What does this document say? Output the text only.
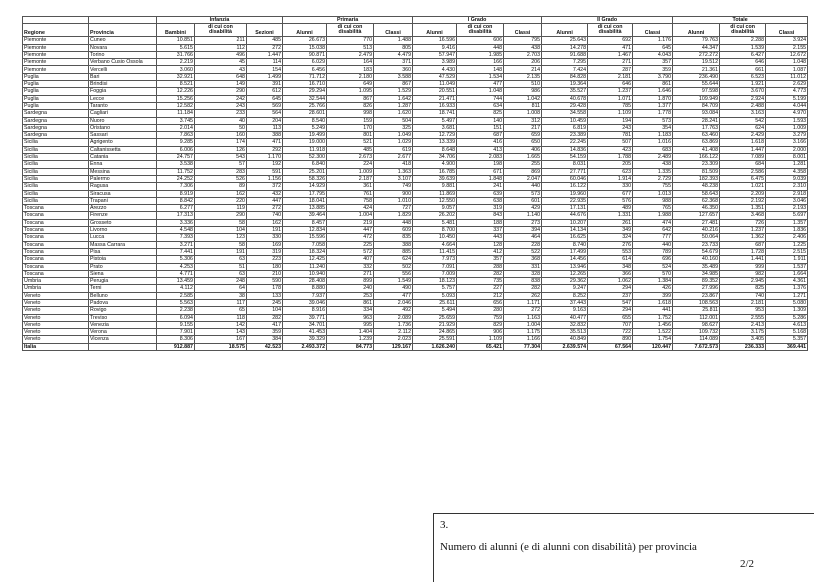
		Infanzia			Primaria			I Grado			II Grado			Totale		
Regione	Provincia	Bambini	di cui con disabilità	Sezioni	Alunni	di cui con disabilità	Classi	Alunni	di cui con disabilità	Classi	Alunni	di cui con disabilità	Classi	Alunni	di cui con disabilità	Classi
Piemonte	Cuneo	10.851	211	485	26.673	770	1.488	16.596	606	795	25.643	692	1.176	79.763	2.288	3.924
Piemonte	Novara	5.615	112	272	15.038	513	805	9.416	448	438	14.278	471	645	44.347	1.539	2.155
Piemonte	Torino	31.766	496	1.447	90.871	2.479	4.479	57.947	1.985	2.703	91.688	1.467	4.043	272.272	6.427	12.672
Piemonte	Verbano Cusio Ossola	2.219	45	114	6.029	164	371	3.989	166	206	7.295	271	357	19.512	646	1.048
Piemonte	Vercelli	3.060	43	154	6.456	183	360	4.430	148	214	7.424	287	359	21.361	661	1.087
Puglia	Bari	32.921	648	1.499	71.712	2.180	3.588	47.529	1.534	2.135	84.828	2.181	3.790	236.490	6.523	11.012
Puglia	Brindisi	8.521	149	391	16.710	649	867	11.049	477	510	19.364	646	861	55.644	1.921	2.629
Puglia	Foggia	12.226	290	612	29.294	1.095	1.529	20.551	1.048	986	35.527	1.237	1.646	97.598	3.670	4.773
Puglia	Lecce	15.256	242	645	32.544	867	1.642	21.471	744	1.042	40.678	1.071	1.870	109.949	2.924	5.199
Puglia	Taranto	12.582	243	569	25.766	826	1.287	16.933	634	811	29.428	785	1.377	84.709	2.488	4.044
Sardegna	Cagliari	11.184	233	564	28.601	998	1.620	18.741	825	1.008	34.558	1.109	1.778	93.084	3.163	4.970
Sardegna	Nuoro	3.745	40	204	8.540	159	504	5.497	140	312	10.459	194	573	28.241	542	1.593
Sardegna	Oristano	2.014	50	113	5.249	170	325	3.681	151	217	6.819	243	354	17.763	624	1.009
Sardegna	Sassari	7.863	160	388	19.499	801	1.049	12.729	687	659	23.389	781	1.183	63.460	2.429	3.279
Sicilia	Agrigento	9.285	174	471	19.000	521	1.029	13.339	416	650	22.245	507	1.016	63.869	1.618	3.166
Sicilia	Caltanissetta	6.006	126	292	11.918	485	619	8.648	413	406	14.836	423	683	41.408	1.447	2.000
Sicilia	Catania	24.757	543	1.170	52.300	2.673	2.677	34.706	2.083	1.665	54.159	1.788	2.489	166.122	7.089	8.001
Sicilia	Enna	3.538	57	192	6.840	224	418	4.900	198	255	8.031	205	438	23.309	684	1.281
Sicilia	Messina	11.752	283	591	25.201	1.009	1.363	16.785	671	869	27.771	623	1.335	81.509	2.586	4.358
Sicilia	Palermo	24.252	526	1.156	58.326	2.187	3.107	39.639	1.848	2.047	60.046	1.914	2.729	182.393	6.475	9.039
Sicilia	Ragusa	7.306	89	372	14.929	361	749	9.881	241	440	16.122	330	755	48.238	1.021	2.310
Sicilia	Siracusa	8.919	162	432	17.795	761	900	11.869	639	573	19.960	677	1.013	58.643	2.209	2.918
Sicilia	Trapani	8.842	220	447	18.041	758	1.010	12.550	638	601	22.935	576	988	62.368	2.192	3.046
Toscana	Arezzo	6.277	119	272	13.885	424	727	9.057	319	429	17.131	489	765	46.350	1.351	2.193
Toscana	Firenze	17.313	290	740	39.464	1.004	1.829	26.202	843	1.140	44.676	1.331	1.988	127.657	3.468	5.697
Toscana	Grosseto	3.336	58	162	8.457	219	448	5.481	188	273	10.207	261	474	27.481	726	1.357
Toscana	Livorno	4.548	104	191	12.834	447	609	8.700	337	394	14.134	349	642	40.216	1.237	1.836
Toscana	Lucca	7.393	123	330	15.596	472	835	10.450	443	464	16.625	324	777	50.064	1.362	2.406
Toscana	Massa Carrara	3.271	58	169	7.058	225	388	4.664	128	228	8.740	276	440	23.733	687	1.225
Toscana	Pisa	7.441	191	319	18.324	572	885	11.415	412	522	17.499	553	789	54.679	1.728	2.515
Toscana	Pistoia	5.306	63	223	12.425	407	624	7.973	357	368	14.456	614	696	40.160	1.441	1.911
Toscana	Prato	4.253	51	180	11.240	332	502	7.091	288	331	13.946	348	524	35.489	999	1.537
Toscana	Siena	4.771	63	210	10.940	271	556	7.009	282	328	12.265	366	570	34.985	982	1.664
Umbria	Perugia	13.459	248	590	28.408	899	1.549	18.123	735	838	29.362	1.062	1.384	89.352	2.945	4.361
Umbria	Terni	4.112	64	178	8.880	240	490	5.757	227	282	9.247	294	426	27.996	825	1.376
Veneto	Belluno	2.585	38	133	7.937	253	477	5.093	212	262	8.252	237	399	23.867	740	1.271
Veneto	Padova	5.563	117	245	39.046	861	2.046	25.611	656	1.171	37.443	547	1.618	108.563	2.181	5.080
Veneto	Rovigo	2.238	65	104	8.916	334	492	5.494	280	272	9.163	294	441	25.811	953	1.309
Veneto	Treviso	6.094	118	282	39.771	963	2.089	25.659	759	1.163	40.477	655	1.752	112.001	2.555	5.286
Veneto	Venezia	9.155	142	417	34.701	995	1.736	21.929	829	1.004	32.832	707	1.456	98.627	2.413	4.613
Veneto	Verona	7.901	143	359	41.453	1.404	2.112	24.865	906	1.175	35.513	722	1.522	109.732	3.175	5.168
Veneto	Vicenza	8.306	167	384	39.329	1.239	2.023	25.591	1.109	1.166	40.849	890	1.754	114.089	3.405	5.357
Italia		912.887	18.575	42.523	2.493.372	84.773	129.167	1.626.240	65.421	77.304	2.639.574	67.564	120.447	7.672.573	236.333	369.441
3.
Numero di alunni (e di alunni con disabilità) per provincia
2/2
